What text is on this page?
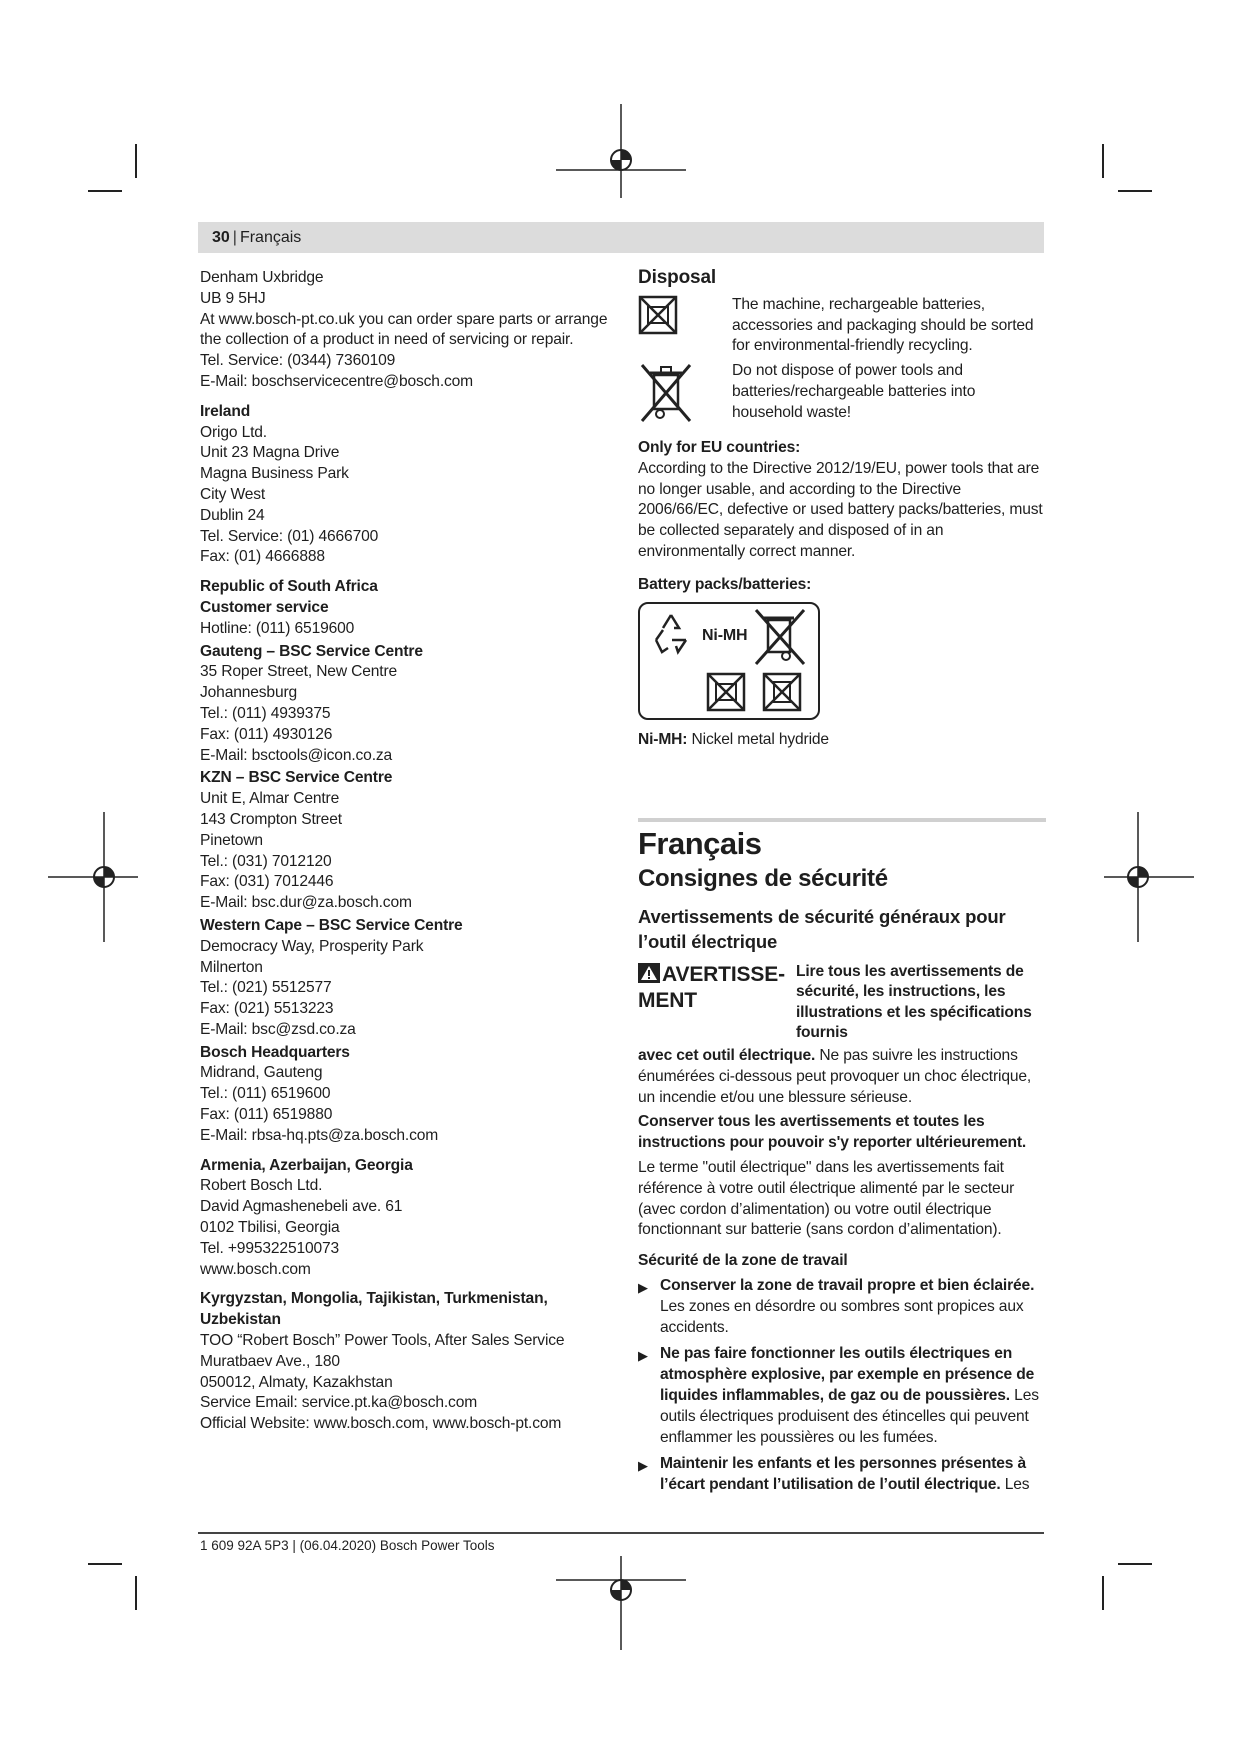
30 | Français
Denham Uxbridge
UB 9 5HJ
At www.bosch-pt.co.uk you can order spare parts or arrange
the collection of a product in need of servicing or repair.
Tel. Service: (0344) 7360109
E-Mail: boschservicecentre@bosch.com
Ireland
Origo Ltd.
Unit 23 Magna Drive
Magna Business Park
City West
Dublin 24
Tel. Service: (01) 4666700
Fax: (01) 4666888
Republic of South Africa
Customer service
Hotline: (011) 6519600
Gauteng – BSC Service Centre
35 Roper Street, New Centre
Johannesburg
Tel.: (011) 4939375
Fax: (011) 4930126
E-Mail: bsctools@icon.co.za
KZN – BSC Service Centre
Unit E, Almar Centre
143 Crompton Street
Pinetown
Tel.: (031) 7012120
Fax: (031) 7012446
E-Mail: bsc.dur@za.bosch.com
Western Cape – BSC Service Centre
Democracy Way, Prosperity Park
Milnerton
Tel.: (021) 5512577
Fax: (021) 5513223
E-Mail: bsc@zsd.co.za
Bosch Headquarters
Midrand, Gauteng
Tel.: (011) 6519600
Fax: (011) 6519880
E-Mail: rbsa-hq.pts@za.bosch.com
Armenia, Azerbaijan, Georgia
Robert Bosch Ltd.
David Agmashenebeli ave. 61
0102 Tbilisi, Georgia
Tel. +995322510073
www.bosch.com
Kyrgyzstan, Mongolia, Tajikistan, Turkmenistan,
Uzbekistan
TOO “Robert Bosch” Power Tools, After Sales Service
Muratbaev Ave., 180
050012, Almaty, Kazakhstan
Service Email: service.pt.ka@bosch.com
Official Website: www.bosch.com, www.bosch-pt.com
Disposal
The machine, rechargeable batteries, accessories and packaging should be sorted for environmental-friendly recycling.
Do not dispose of power tools and batteries/rechargeable batteries into household waste!
Only for EU countries:
According to the Directive 2012/19/EU, power tools that are no longer usable, and according to the Directive 2006/66/EC, defective or used battery packs/batteries, must be collected separately and disposed of in an environmentally correct manner.
Battery packs/batteries:
Ni-MH
Ni-MH: Nickel metal hydride
Français
Consignes de sécurité
Avertissements de sécurité généraux pour l’outil électrique
AVERTISSE-
MENT
Lire tous les avertissements de sécurité, les instructions, les illustrations et les spécifications fournis
avec cet outil électrique. Ne pas suivre les instructions énumérées ci-dessous peut provoquer un choc électrique, un incendie et/ou une blessure sérieuse.
Conserver tous les avertissements et toutes les instructions pour pouvoir s'y reporter ultérieurement.
Le terme "outil électrique" dans les avertissements fait référence à votre outil électrique alimenté par le secteur (avec cordon d’alimentation) ou votre outil électrique fonctionnant sur batterie (sans cordon d’alimentation).
Sécurité de la zone de travail
▶ Conserver la zone de travail propre et bien éclairée. Les zones en désordre ou sombres sont propices aux accidents.
▶ Ne pas faire fonctionner les outils électriques en atmosphère explosive, par exemple en présence de liquides inflammables, de gaz ou de poussières. Les outils électriques produisent des étincelles qui peuvent enflammer les poussières ou les fumées.
▶ Maintenir les enfants et les personnes présentes à l’écart pendant l’utilisation de l’outil électrique. Les
1 609 92A 5P3 | (06.04.2020) Bosch Power Tools
